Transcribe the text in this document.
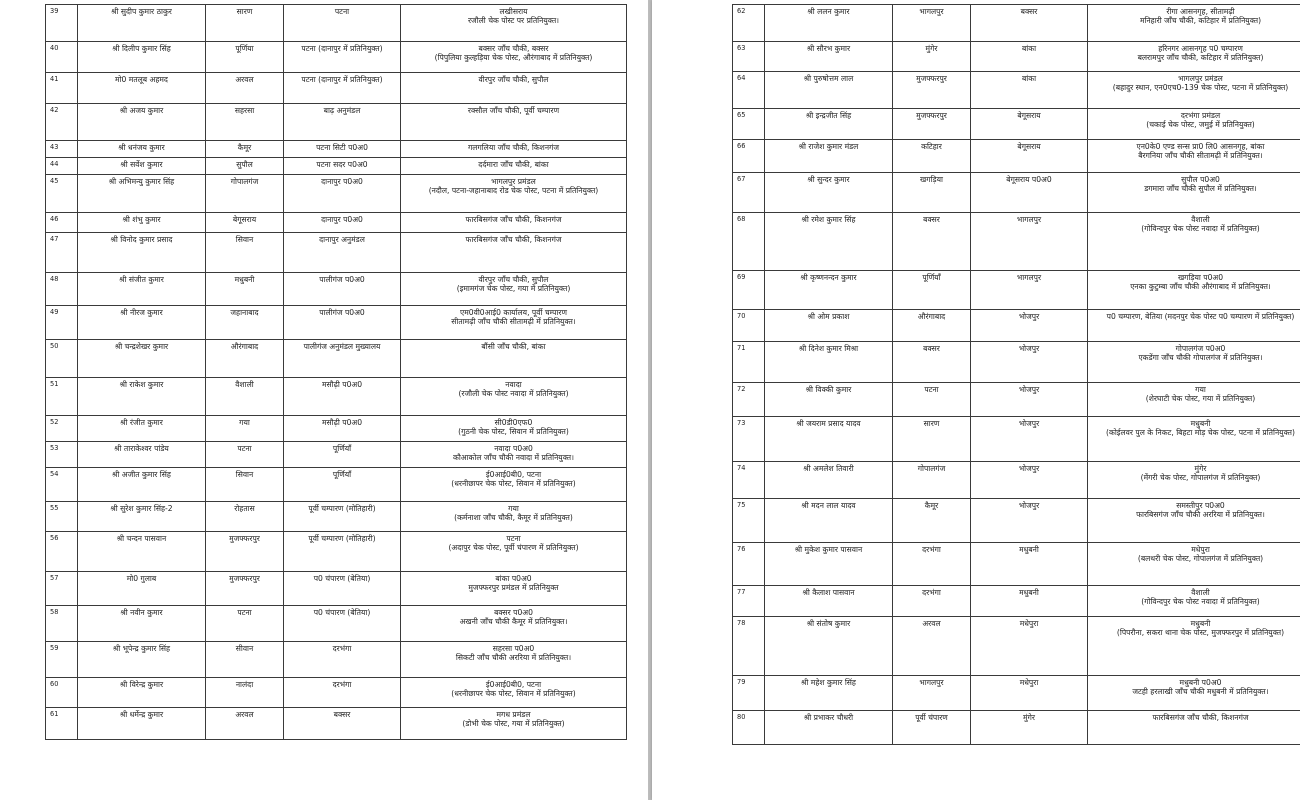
39	श्री सुदीप कुमार ठाकुर	सारण	पटना	लखीसराय
रजौली चेक पोस्ट पर प्रतिनियुक्त।

40	श्री दिलीप कुमार सिंह	पूर्णिया	पटना (दानापुर में प्रतिनियुक्त)	बक्सर जाँच चौकी, बक्सर
(पिपुलिया कुल्हड़िया चेक पोस्ट, औरंगाबाद में प्रतिनियुक्त)

41	मो0 मतलूब अहमद	अरवल	पटना (दानापुर में प्रतिनियुक्त)	वीरपुर जाँच चौकी, सुपौल

42	श्री अजय कुमार	सहरसा	बाढ़ अनुमंडल	रक्सौल जाँच चौकी, पूर्वी चम्पारण

43	श्री धनंजय कुमार	कैमूर	पटना सिटी प0अ0	गलगलिया जाँच चौकी, किशनगंज

44	श्री सर्वेश कुमार	सुपौल	पटना सदर प0अ0	दर्दमारा जाँच चौकी, बांका

45	श्री अभिमन्यु कुमार सिंह	गोपालगंज	दानापुर प0अ0	भागलपुर प्रमंडल
(नदौल, पटना-जहानाबाद रोड चेक पोस्ट, पटना में प्रतिनियुक्त)

46	श्री शंभु कुमार	बेगूसराय	दानापुर प0अ0	फारबिसगंज जाँच चौकी, किशनगंज

47	श्री विनोद कुमार प्रसाद	सिवान	दानापुर अनुमंडल	फारबिसगंज जाँच चौकी, किशनगंज

48	श्री संजीत कुमार	मधुबनी	पालीगंज प0अ0	वीरपुर जाँच चौकी, सुपौल
(इमामगंज चेक पोस्ट, गया में प्रतिनियुक्त)

49	श्री नीरज कुमार	जहानाबाद	पालीगंज प0अ0	एम0वी0आई0 कार्यालय, पूर्वी चम्पारण
सीतामढ़ी जाँच चौकी सीतामढ़ी में प्रतिनियुक्त।

50	श्री चन्द्रशेखर कुमार	औरंगाबाद	पालीगंज अनुमंडल मुख्यालय	बौंसी जाँच चौकी, बांका

51	श्री राकेश कुमार	वैशाली	मसौढ़ी प0अ0	नवादा
(रजौली चेक पोस्ट नवादा में प्रतिनियुक्त)

52	श्री रंजीत कुमार	गया	मसौढ़ी प0अ0	सी0डी0एफ0
(गुठनी चेक पोस्ट, सिवान में प्रतिनियुक्त)

53	श्री ताराकेश्वर पांडेय	पटना	पूर्णियाँ	नवादा प0अ0
कौआकोल जाँच चौकी नवादा में प्रतिनियुक्त।

54	श्री अजीत कुमार सिंह	सिवान	पूर्णियाँ	ई0आई0बी0, पटना
(धरनीछापर चेक पोस्ट, सिवान में प्रतिनियुक्त)

55	श्री सुरेश कुमार सिंह-2	रोहतास	पूर्वी चम्पारण (मोतिहारी)	गया
(कर्मनाशा जाँच चौकी, कैमूर में प्रतिनियुक्त)

56	श्री चन्दन पासवान	मुजफ्फरपुर	पूर्वी चम्पारण (मोतिहारी)	पटना
(अदापुर चेक पोस्ट, पूर्वी चंपारण में प्रतिनियुक्त)

57	मो0 गुलाब	मुजफ्फरपुर	प0 चंपारण (बेतिया)	बांका प0अ0
मुजफ्फरपुर प्रमंडल में प्रतिनियुक्त

58	श्री नवीन कुमार	पटना	प0 चंपारण (बेतिया)	बक्सर प0अ0
अखनी जाँच चौकी कैमूर में प्रतिनियुक्त।

59	श्री भूपेन्द्र कुमार सिंह	सीवान	दरभंगा	सहरसा प0अ0
सिकटी जाँच चौकी अररिया में प्रतिनियुक्त।

60	श्री विरेन्द्र कुमार	नालंदा	दरभंगा	ई0आई0बी0, पटना
(धरनीछापर चेक पोस्ट, सिवान में प्रतिनियुक्त)

61	श्री धर्मेन्द्र कुमार	अरवल	बक्सर	मगध प्रमंडल
(डोभी चेक पोस्ट, गया में प्रतिनियुक्त)
62	श्री ललन कुमार	भागलपुर	बक्सर	रीगा आसनगृह, सीतामढ़ी
मनिहारी जाँच चौकी, कटिहार में प्रतिनियुक्त)

63	श्री सौरभ कुमार	मुंगेर	बांका	हरिनगर आसनगृह प0 चम्पारण
बलरामपुर जाँच चौकी, कटिहार में प्रतिनियुक्त)

64	श्री पुरुषोत्तम लाल	मुजफ्फरपुर	बांका	भागलपुर प्रमंडल
(बहादुर स्थान, एन0एच0-139 चेक पोस्ट, पटना में प्रतिनियुक्त)

65	श्री इन्द्रजीत सिंह	मुजफ्फरपुर	बेगूसराय	दरभंगा प्रमंडल
(चकाई चेक पोस्ट, जमुई में प्रतिनियुक्त)

66	श्री राजेश कुमार मंडल	कटिहार	बेगूसराय	एन0के0 एण्ड सन्स प्रा0 लि0 आसनगृह, बांका
बैरगनिया जाँच चौकी सीतामढ़ी में प्रतिनियुक्त।

67	श्री सुन्दर कुमार	खगड़िया	बेगूसराय प0अ0	सुपौल प0अ0
डगमारा जाँच चौकी सुपौल में प्रतिनियुक्त।

68	श्री रमेश कुमार सिंह	बक्सर	भागलपुर	वैशाली
(गोविन्दपुर चेक पोस्ट नवादा में प्रतिनियुक्त)

69	श्री कृष्णनन्दन कुमार	पूर्णियाँ	भागलपुर	खगड़िया प0अ0
एनका कुटुम्बा जाँच चौकी औरंगाबाद में प्रतिनियुक्त।

70	श्री ओम प्रकाश	औरंगाबाद	भोजपुर	प0 चम्पारण, बेतिया (मदनपुर चेक पोस्ट प0 चम्पारण में प्रतिनियुक्त)

71	श्री दिनेश कुमार मिश्रा	बक्सर	भोजपुर	गोपालगंज प0अ0
एकडेंगा जाँच चौकी गोपालगंज में प्रतिनियुक्त।

72	श्री विक्की कुमार	पटना	भोजपुर	गया
(शेरघाटी चेक पोस्ट, गया में प्रतिनियुक्त)

73	श्री जयराम प्रसाद यादव	सारण	भोजपुर	मधुबनी
(कोईलवर पुल के निकट, बिहटा मोड़ चेक पोस्ट, पटना में प्रतिनियुक्त)

74	श्री अमलेश तिवारी	गोपालगंज	भोजपुर	मुंगेर
(मेंगरी चेक पोस्ट, गोपालगंज में प्रतिनियुक्त)

75	श्री मदन लाल यादव	कैमूर	भोजपुर	समस्तीपुर प0अ0
फारबिसगंज जाँच चौकी अररिया में प्रतिनियुक्त।

76	श्री मुकेश कुमार पासवान	दरभंगा	मधुबनी	मधेपुरा
(बलथरी चेक पोस्ट, गोपालगंज में प्रतिनियुक्त)

77	श्री कैलाश पासवान	दरभंगा	मधुबनी	वैशाली
(गोविन्दपुर चेक पोस्ट नवादा में प्रतिनियुक्त)

78	श्री संतोष कुमार	अरवल	मधेपुरा	मधुबनी
(पिपरौना, सकरा थाना चेक पोस्ट, मुजफ्फरपुर में प्रतिनियुक्त)

79	श्री महेश कुमार सिंह	भागलपुर	मधेपुरा	मधुबनी प0अ0
जटही हरलाखी जाँच चौकी मधुबनी में प्रतिनियुक्त।

80	श्री प्रभाकर चौधरी	पूर्वी चंपारण	मुंगेर	फारबिसगंज जाँच चौकी, किशनगंज
